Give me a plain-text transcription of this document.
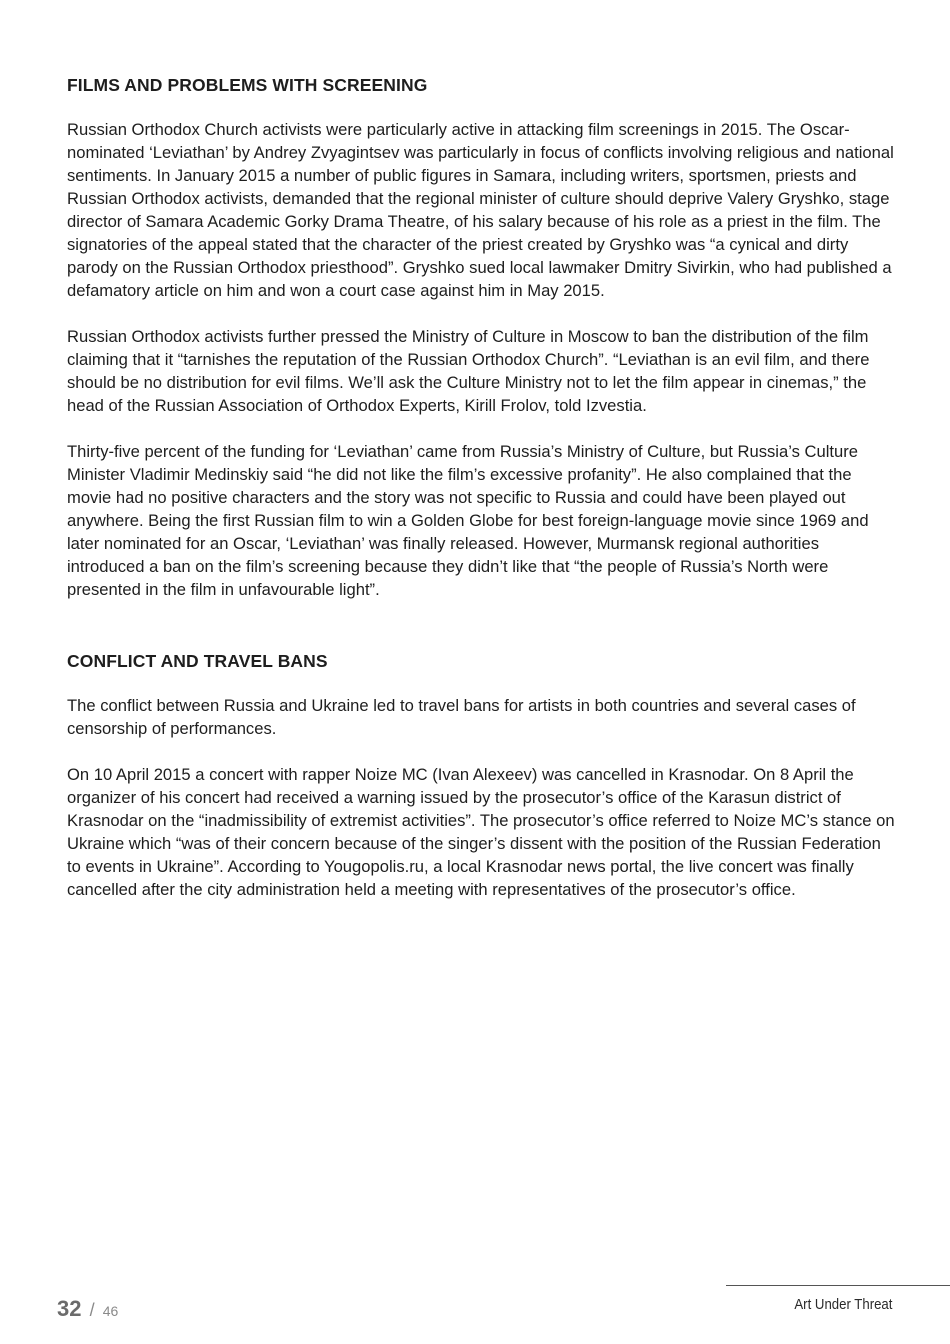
FILMS AND PROBLEMS WITH SCREENING

Russian Orthodox Church activists were particularly active in attacking film screenings in 2015. The Oscar-nominated ‘Leviathan’ by Andrey Zvyagintsev was particularly in focus of conflicts involving religious and national sentiments. In January 2015 a number of public figures in Samara, including writers, sportsmen, priests and Russian Orthodox activists, demanded that the regional minister of culture should deprive Valery Gryshko, stage director of Samara Academic Gorky Drama Theatre, of his salary because of his role as a priest in the film. The signatories of the appeal stated that the character of the priest created by Gryshko was “a cynical and dirty parody on the Russian Orthodox priesthood”. Gryshko sued local lawmaker Dmitry Sivirkin, who had published a defamatory article on him and won a court case against him in May 2015.

Russian Orthodox activists further pressed the Ministry of Culture in Moscow to ban the distribution of the film claiming that it “tarnishes the reputation of the Russian Orthodox Church”. “Leviathan is an evil film, and there should be no distribution for evil films. We’ll ask the Culture Ministry not to let the film appear in cinemas,” the head of the Russian Association of Orthodox Experts, Kirill Frolov, told Izvestia.

Thirty-five percent of the funding for ‘Leviathan’ came from Russia’s Ministry of Culture, but Russia’s Culture Minister Vladimir Medinskiy said “he did not like the film’s excessive profanity”. He also complained that the movie had no positive characters and the story was not specific to Russia and could have been played out anywhere. Being the first Russian film to win a Golden Globe for best foreign-language movie since 1969 and later nominated for an Oscar, ‘Leviathan’ was finally released. However, Murmansk regional authorities introduced a ban on the film’s screening because they didn’t like that “the people of Russia’s North were presented in the film in unfavourable light”.

CONFLICT AND TRAVEL BANS

The conflict between Russia and Ukraine led to travel bans for artists in both countries and several cases of censorship of performances.

On 10 April 2015 a concert with rapper Noize MC (Ivan Alexeev) was cancelled in Krasnodar. On 8 April the organizer of his concert had received a warning issued by the prosecutor’s office of the Karasun district of Krasnodar on the “inadmissibility of extremist activities”. The prosecutor’s office referred to Noize MC’s stance on Ukraine which “was of their concern because of the singer’s dissent with the position of the Russian Federation to events in Ukraine”. According to Yougopolis.ru, a local Krasnodar news portal, the live concert was finally cancelled after the city administration held a meeting with representatives of the prosecutor’s office.

32 / 46	Art Under Threat
